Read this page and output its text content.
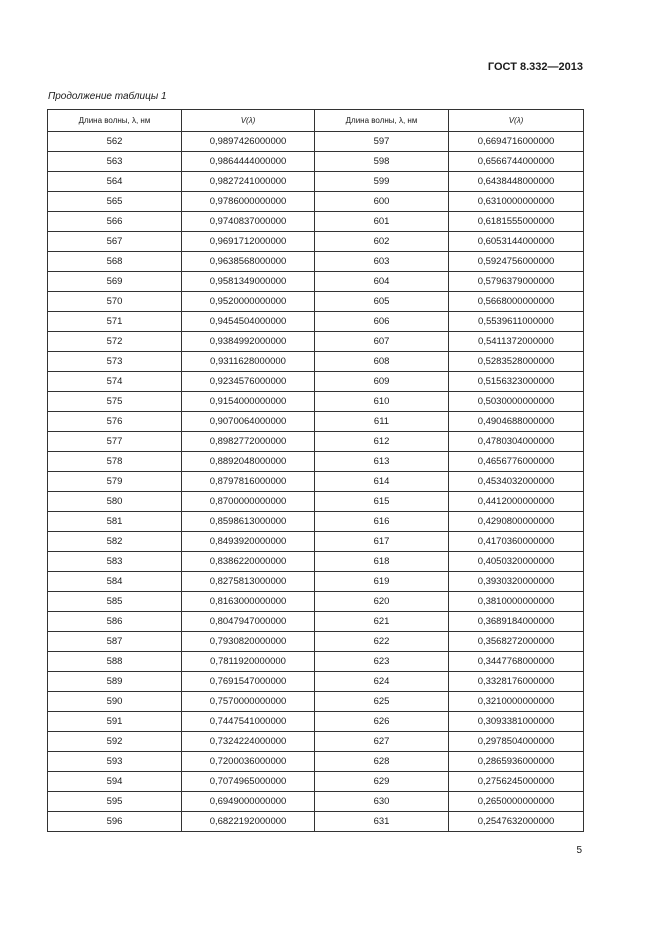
ГОСТ 8.332—2013
Продолжение таблицы 1
Длина волны, λ, нм	V(λ)	Длина волны, λ, нм	V(λ)
562	0,9897426000000	597	0,6694716000000
563	0,9864444000000	598	0,6566744000000
564	0,9827241000000	599	0,6438448000000
565	0,9786000000000	600	0,6310000000000
566	0,9740837000000	601	0,6181555000000
567	0,9691712000000	602	0,6053144000000
568	0,9638568000000	603	0,5924756000000
569	0,9581349000000	604	0,5796379000000
570	0,9520000000000	605	0,5668000000000
571	0,9454504000000	606	0,5539611000000
572	0,9384992000000	607	0,5411372000000
573	0,9311628000000	608	0,5283528000000
574	0,9234576000000	609	0,5156323000000
575	0,9154000000000	610	0,5030000000000
576	0,9070064000000	611	0,4904688000000
577	0,8982772000000	612	0,4780304000000
578	0,8892048000000	613	0,4656776000000
579	0,8797816000000	614	0,4534032000000
580	0,8700000000000	615	0,4412000000000
581	0,8598613000000	616	0,4290800000000
582	0,8493920000000	617	0,4170360000000
583	0,8386220000000	618	0,4050320000000
584	0,8275813000000	619	0,3930320000000
585	0,8163000000000	620	0,3810000000000
586	0,8047947000000	621	0,3689184000000
587	0,7930820000000	622	0,3568272000000
588	0,7811920000000	623	0,3447768000000
589	0,7691547000000	624	0,3328176000000
590	0,7570000000000	625	0,3210000000000
591	0,7447541000000	626	0,3093381000000
592	0,7324224000000	627	0,2978504000000
593	0,7200036000000	628	0,2865936000000
594	0,7074965000000	629	0,2756245000000
595	0,6949000000000	630	0,2650000000000
596	0,6822192000000	631	0,2547632000000
5
